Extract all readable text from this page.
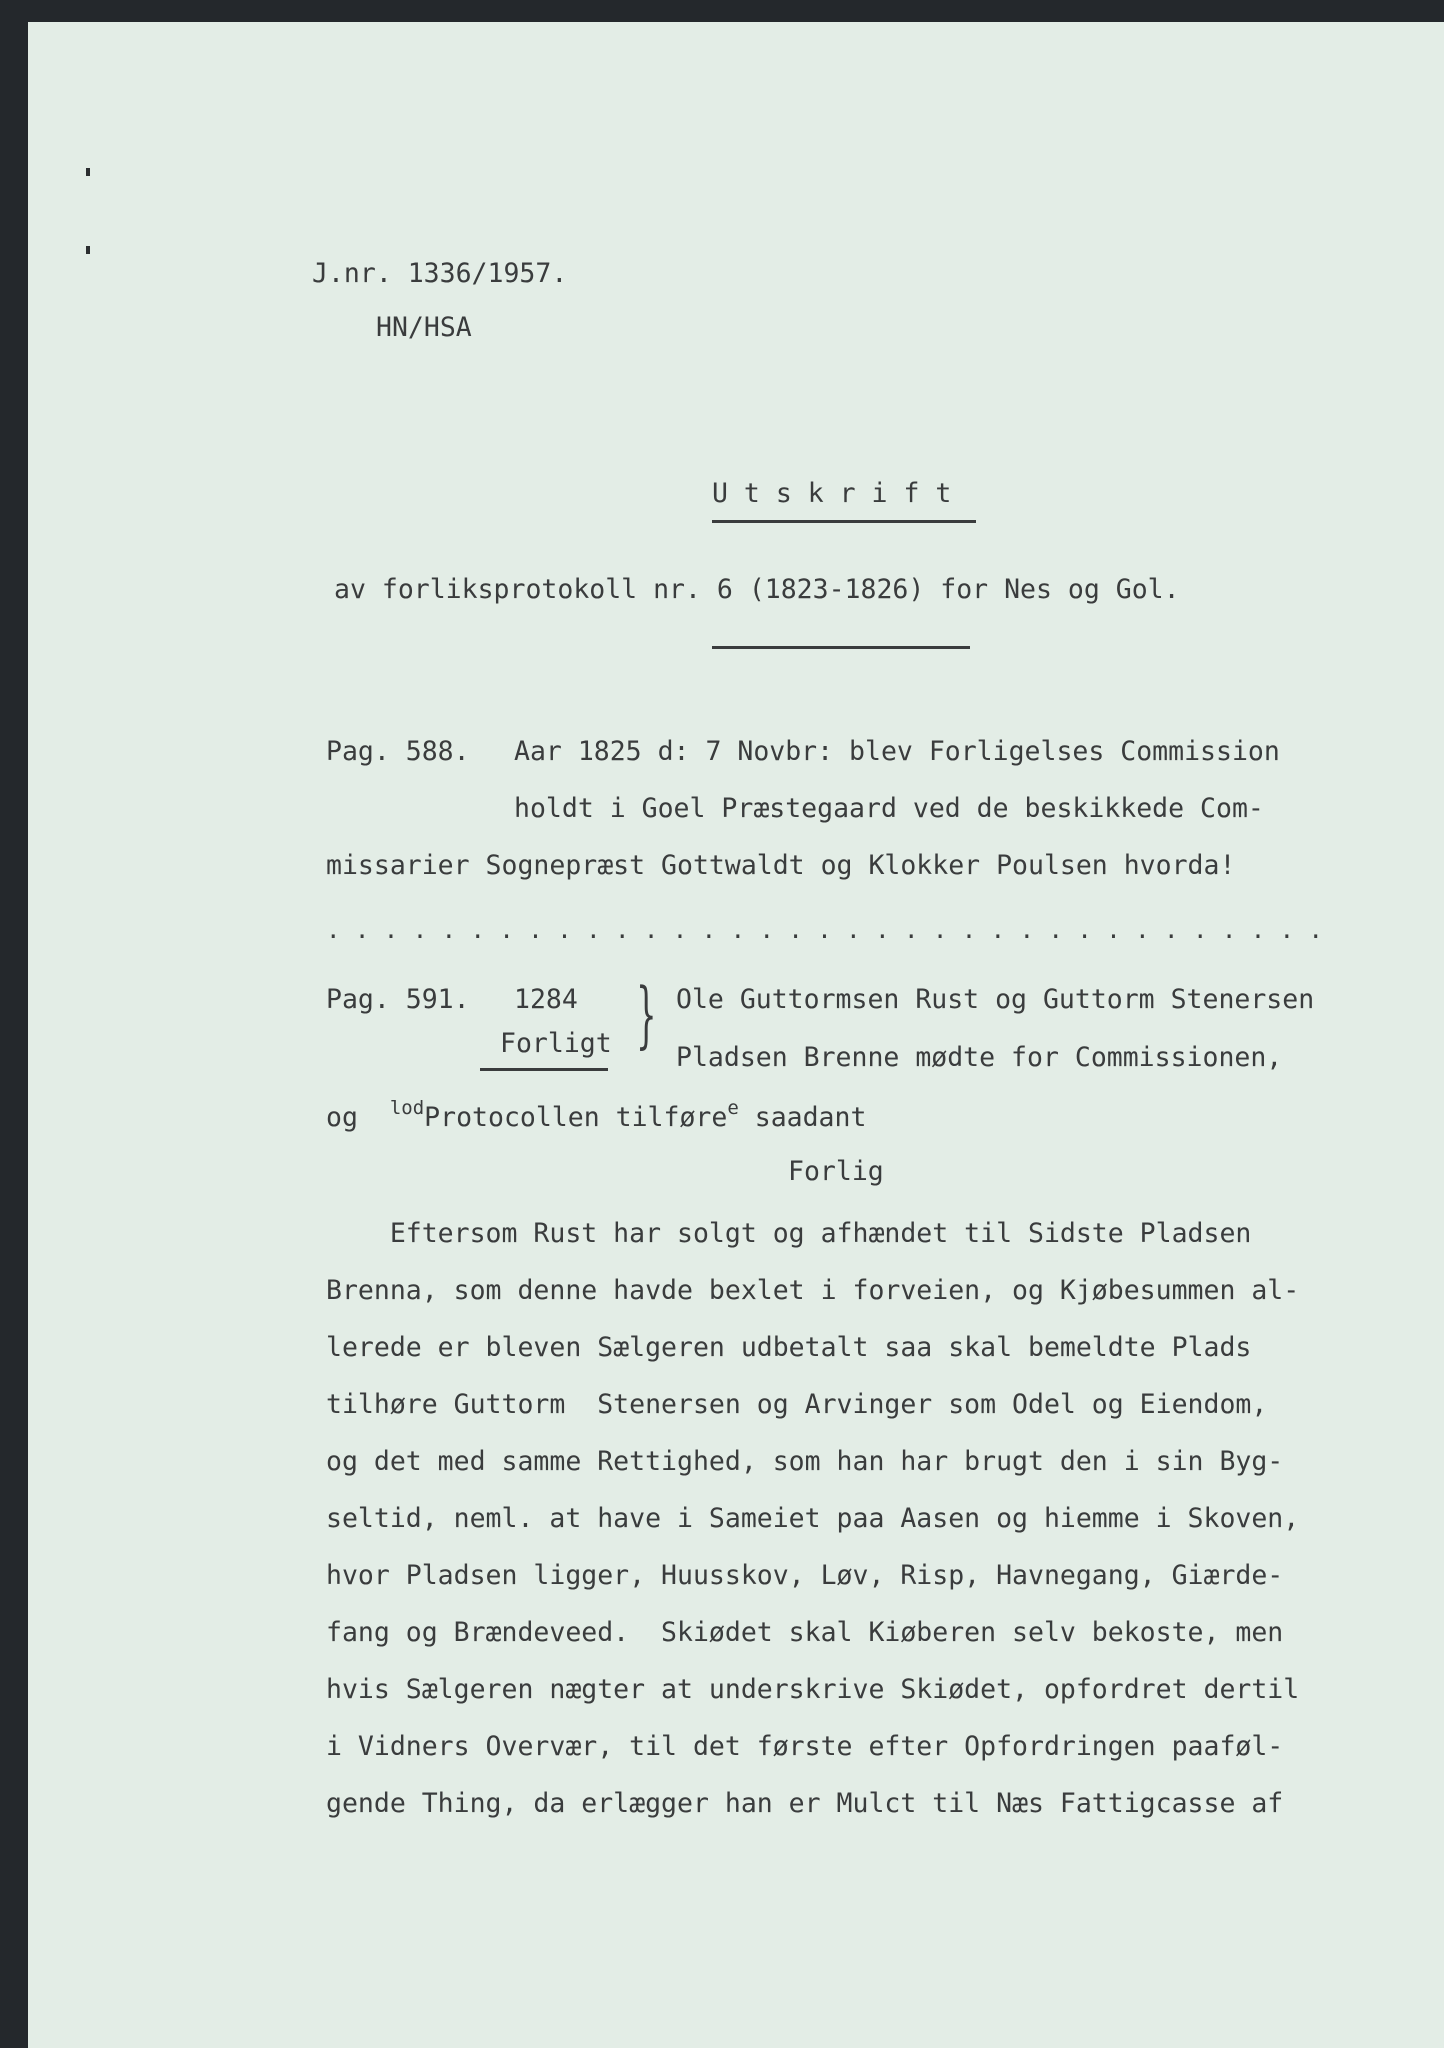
J.nr. 1336/1957.
HN/HSA
U t s k r i f t
av forliksprotokoll nr. 6 (1823-1826) for Nes og Gol.
Pag. 588. Aar 1825 d: 7 Novbr: blev Forligelses Commission
holdt i Goel Præstegaard ved de beskikkede Com-
missarier Sognepræst Gottwaldt og Klokker Poulsen hvorda!
. . . . . . . . . . . . . . . . . . . . . . . . . . . . . . . . . . .
Pag. 591. 1284
Forligt } Ole Guttormsen Rust og Guttorm Stenersen
Pladsen Brenne mødte for Commissionen,
og $^{lod}$Protocollen tilføre$^e$ saadant
Forlig
Eftersom Rust har solgt og afhændet til Sidste Pladsen
Brenna, som denne havde bexlet i forveien, og Kjøbesummen al-
lerede er bleven Sælgeren udbetalt saa skal bemeldte Plads
tilhøre Guttorm  Stenersen og Arvinger som Odel og Eiendom,
og det med samme Rettighed, som han har brugt den i sin Byg-
seltid, neml. at have i Sameiet paa Aasen og hiemme i Skoven,
hvor Pladsen ligger, Huusskov, Løv, Risp, Havnegang, Giærde-
fang og Brændeveed.  Skiødet skal Kiøberen selv bekoste, men
hvis Sælgeren nægter at underskrive Skiødet, opfordret dertil
i Vidners Overvær, til det første efter Opfordringen paaføl-
gende Thing, da erlægger han er Mulct til Næs Fattigcasse af
